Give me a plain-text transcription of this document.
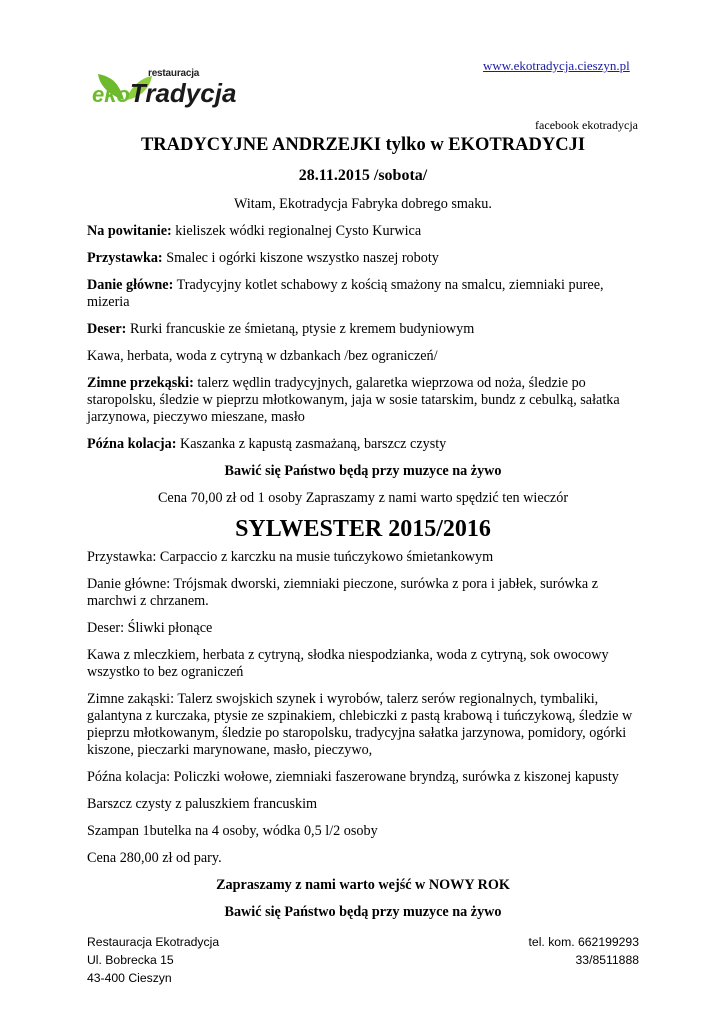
www.ekotradycja.cieszyn.pl
restauracja
ekoTradycja
facebook ekotradycja

TRADYCYJNE ANDRZEJKI tylko w EKOTRADYCJI

28.11.2015 /sobota/

Witam, Ekotradycja Fabryka dobrego smaku.

Na powitanie: kieliszek wódki regionalnej Cysto Kurwica

Przystawka: Smalec i ogórki kiszone wszystko naszej roboty

Danie główne: Tradycyjny kotlet schabowy z kością smażony na smalcu, ziemniaki puree, mizeria

Deser: Rurki francuskie ze śmietaną, ptysie z kremem budyniowym

Kawa, herbata, woda z cytryną w dzbankach /bez ograniczeń/

Zimne przekąski: talerz wędlin tradycyjnych, galaretka wieprzowa od noża, śledzie po staropolsku, śledzie w pieprzu młotkowanym, jaja w sosie tatarskim, bundz z cebulką, sałatka jarzynowa, pieczywo mieszane, masło

Późna kolacja: Kaszanka z kapustą zasmażaną, barszcz czysty

Bawić się Państwo będą przy muzyce na żywo

Cena 70,00 zł od 1 osoby Zapraszamy z nami warto spędzić ten wieczór

SYLWESTER 2015/2016

Przystawka: Carpaccio z karczku na musie tuńczykowo śmietankowym

Danie główne: Trójsmak dworski, ziemniaki pieczone, surówka z pora i jabłek, surówka z marchwi z chrzanem.

Deser: Śliwki płonące

Kawa z mleczkiem, herbata z cytryną, słodka niespodzianka, woda z cytryną, sok owocowy wszystko to bez ograniczeń

Zimne zakąski: Talerz swojskich szynek i wyrobów, talerz serów regionalnych, tymbaliki, galantyna z kurczaka, ptysie ze szpinakiem, chlebiczki z pastą krabową i tuńczykową, śledzie w pieprzu młotkowanym, śledzie po staropolsku, tradycyjna sałatka jarzynowa, pomidory, ogórki kiszone, pieczarki marynowane, masło, pieczywo,

Późna kolacja: Policzki wołowe, ziemniaki faszerowane bryndzą, surówka z kiszonej kapusty

Barszcz czysty z paluszkiem francuskim

Szampan 1butelka na 4 osoby, wódka 0,5 l/2 osoby

Cena 280,00 zł od pary.

Zapraszamy z nami warto wejść w NOWY ROK

Bawić się Państwo będą przy muzyce na żywo

Restauracja Ekotradycja
Ul. Bobrecka 15
43-400 Cieszyn
tel. kom. 662199293
33/8511888
